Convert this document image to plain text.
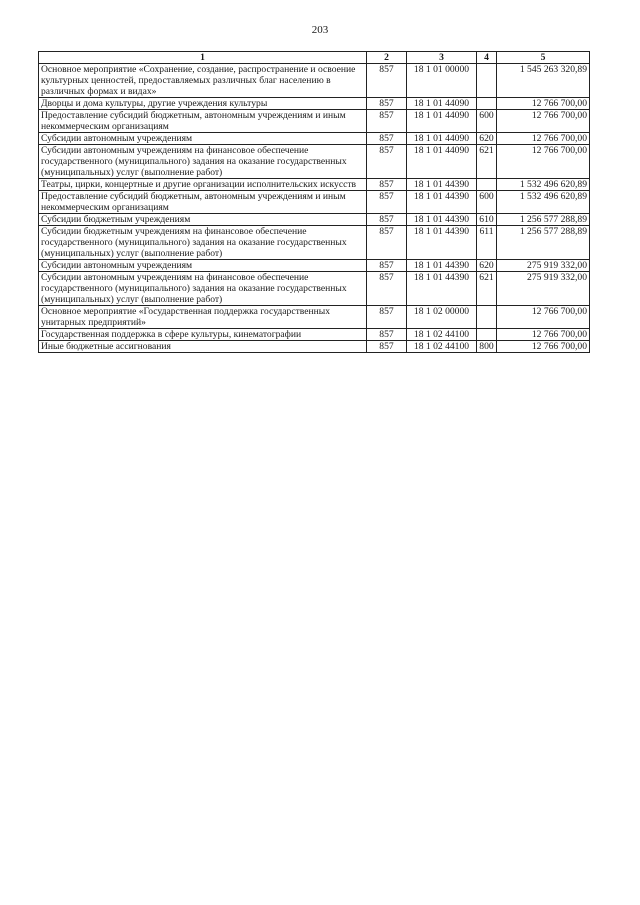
203
1	2	3	4	5
Основное мероприятие «Сохранение, создание, распространение и освоение культурных ценностей, предоставляемых различных благ населению в различных формах и видах»	857	18 1 01 00000		1 545 263 320,89
Дворцы и дома культуры, другие учреждения культуры	857	18 1 01 44090		12 766 700,00
Предоставление субсидий бюджетным, автономным учреждениям и иным некоммерческим организациям	857	18 1 01 44090	600	12 766 700,00
Субсидии автономным учреждениям	857	18 1 01 44090	620	12 766 700,00
Субсидии автономным учреждениям на финансовое обеспечение государственного (муниципального) задания на оказание государственных (муниципальных) услуг (выполнение работ)	857	18 1 01 44090	621	12 766 700,00
Театры, цирки, концертные и другие организации исполнительских искусств	857	18 1 01 44390		1 532 496 620,89
Предоставление субсидий бюджетным, автономным учреждениям и иным некоммерческим организациям	857	18 1 01 44390	600	1 532 496 620,89
Субсидии бюджетным учреждениям	857	18 1 01 44390	610	1 256 577 288,89
Субсидии бюджетным учреждениям на финансовое обеспечение государственного (муниципального) задания на оказание государственных (муниципальных) услуг (выполнение работ)	857	18 1 01 44390	611	1 256 577 288,89
Субсидии автономным учреждениям	857	18 1 01 44390	620	275 919 332,00
Субсидии автономным учреждениям на финансовое обеспечение государственного (муниципального) задания на оказание государственных (муниципальных) услуг (выполнение работ)	857	18 1 01 44390	621	275 919 332,00
Основное мероприятие «Государственная поддержка государственных унитарных предприятий»	857	18 1 02 00000		12 766 700,00
Государственная поддержка в сфере культуры, кинематографии	857	18 1 02 44100		12 766 700,00
Иные бюджетные ассигнования	857	18 1 02 44100	800	12 766 700,00
